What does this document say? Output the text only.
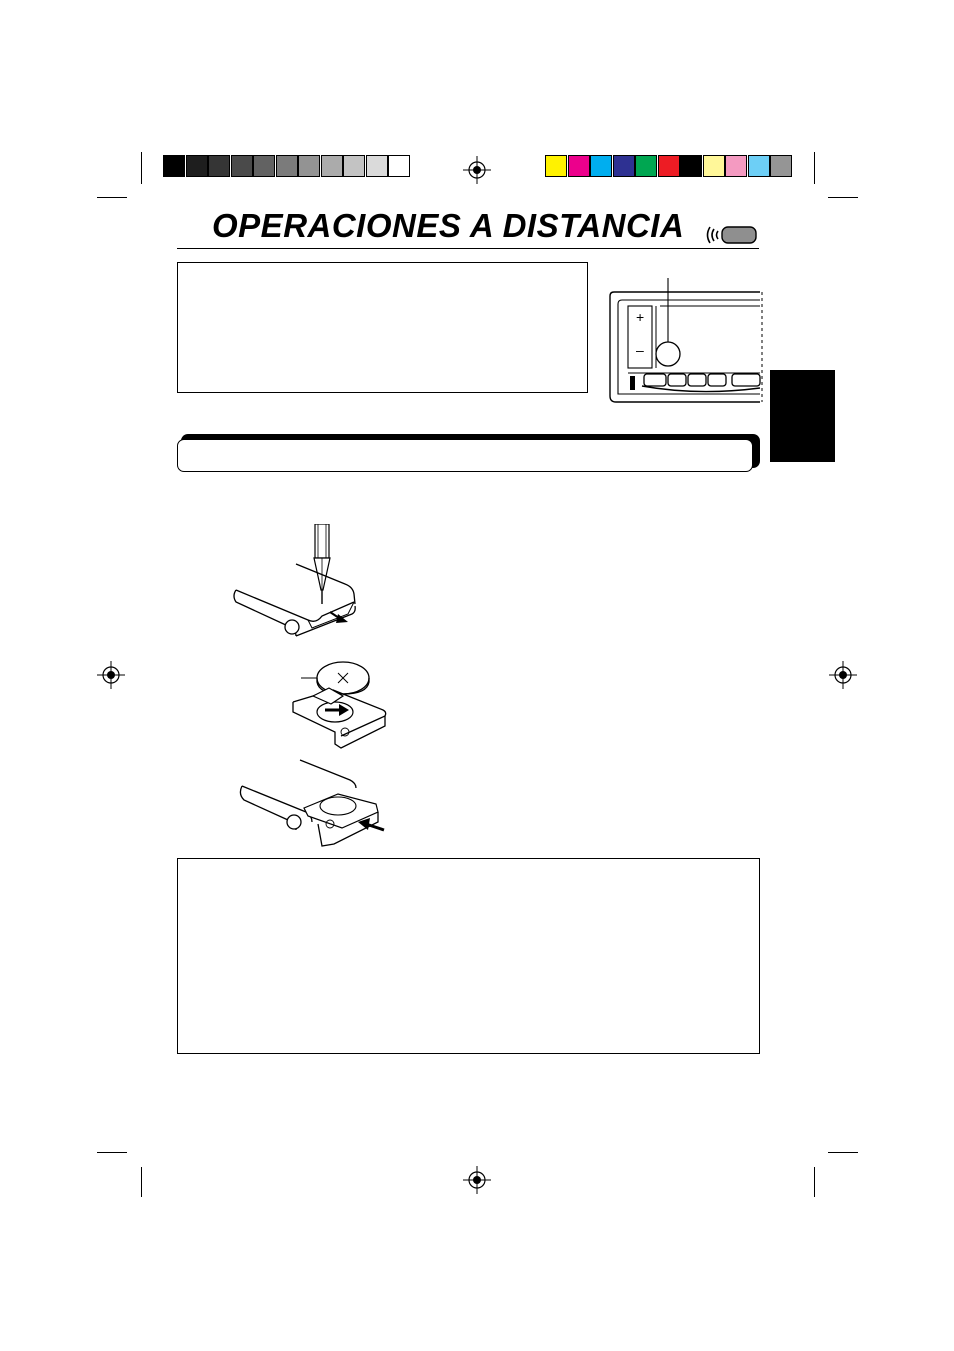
OPERACIONES A DISTANCIA
+
–
